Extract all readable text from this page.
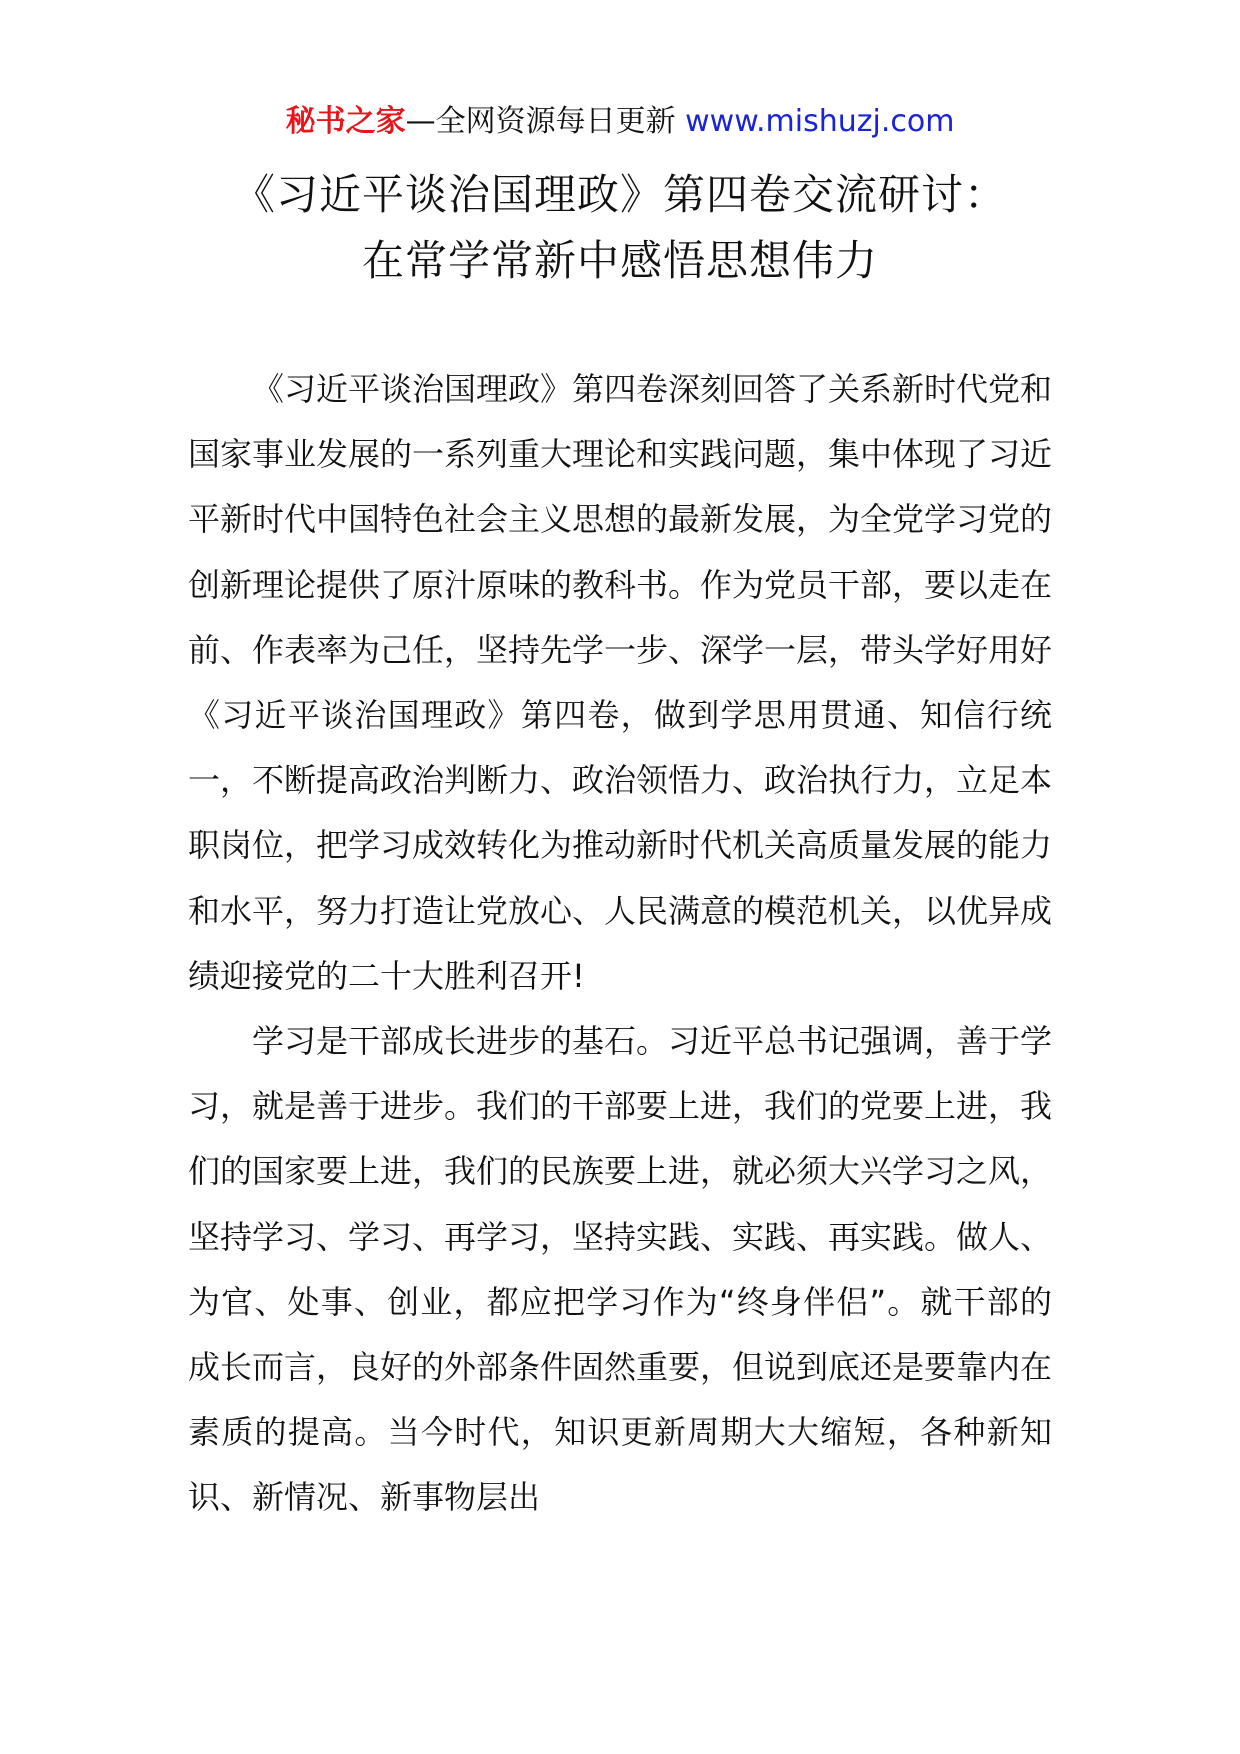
秘书之家—全网资源每日更新 www.mishuzj.com
《习近平谈治国理政》第四卷交流研讨：
在常学常新中感悟思想伟力

《习近平谈治国理政》第四卷深刻回答了关系新时代党和国家事业发展的一系列重大理论和实践问题，集中体现了习近平新时代中国特色社会主义思想的最新发展，为全党学习党的创新理论提供了原汁原味的教科书。作为党员干部，要以走在前、作表率为己任，坚持先学一步、深学一层，带头学好用好《习近平谈治国理政》第四卷，做到学思用贯通、知信行统一，不断提高政治判断力、政治领悟力、政治执行力，立足本职岗位，把学习成效转化为推动新时代机关高质量发展的能力和水平，努力打造让党放心、人民满意的模范机关，以优异成绩迎接党的二十大胜利召开!

学习是干部成长进步的基石。习近平总书记强调，善于学习，就是善于进步。我们的干部要上进，我们的党要上进，我们的国家要上进，我们的民族要上进，就必须大兴学习之风，坚持学习、学习、再学习，坚持实践、实践、再实践。做人、为官、处事、创业，都应把学习作为“终身伴侣”。就干部的成长而言，良好的外部条件固然重要，但说到底还是要靠内在素质的提高。当今时代，知识更新周期大大缩短，各种新知识、新情况、新事物层出
